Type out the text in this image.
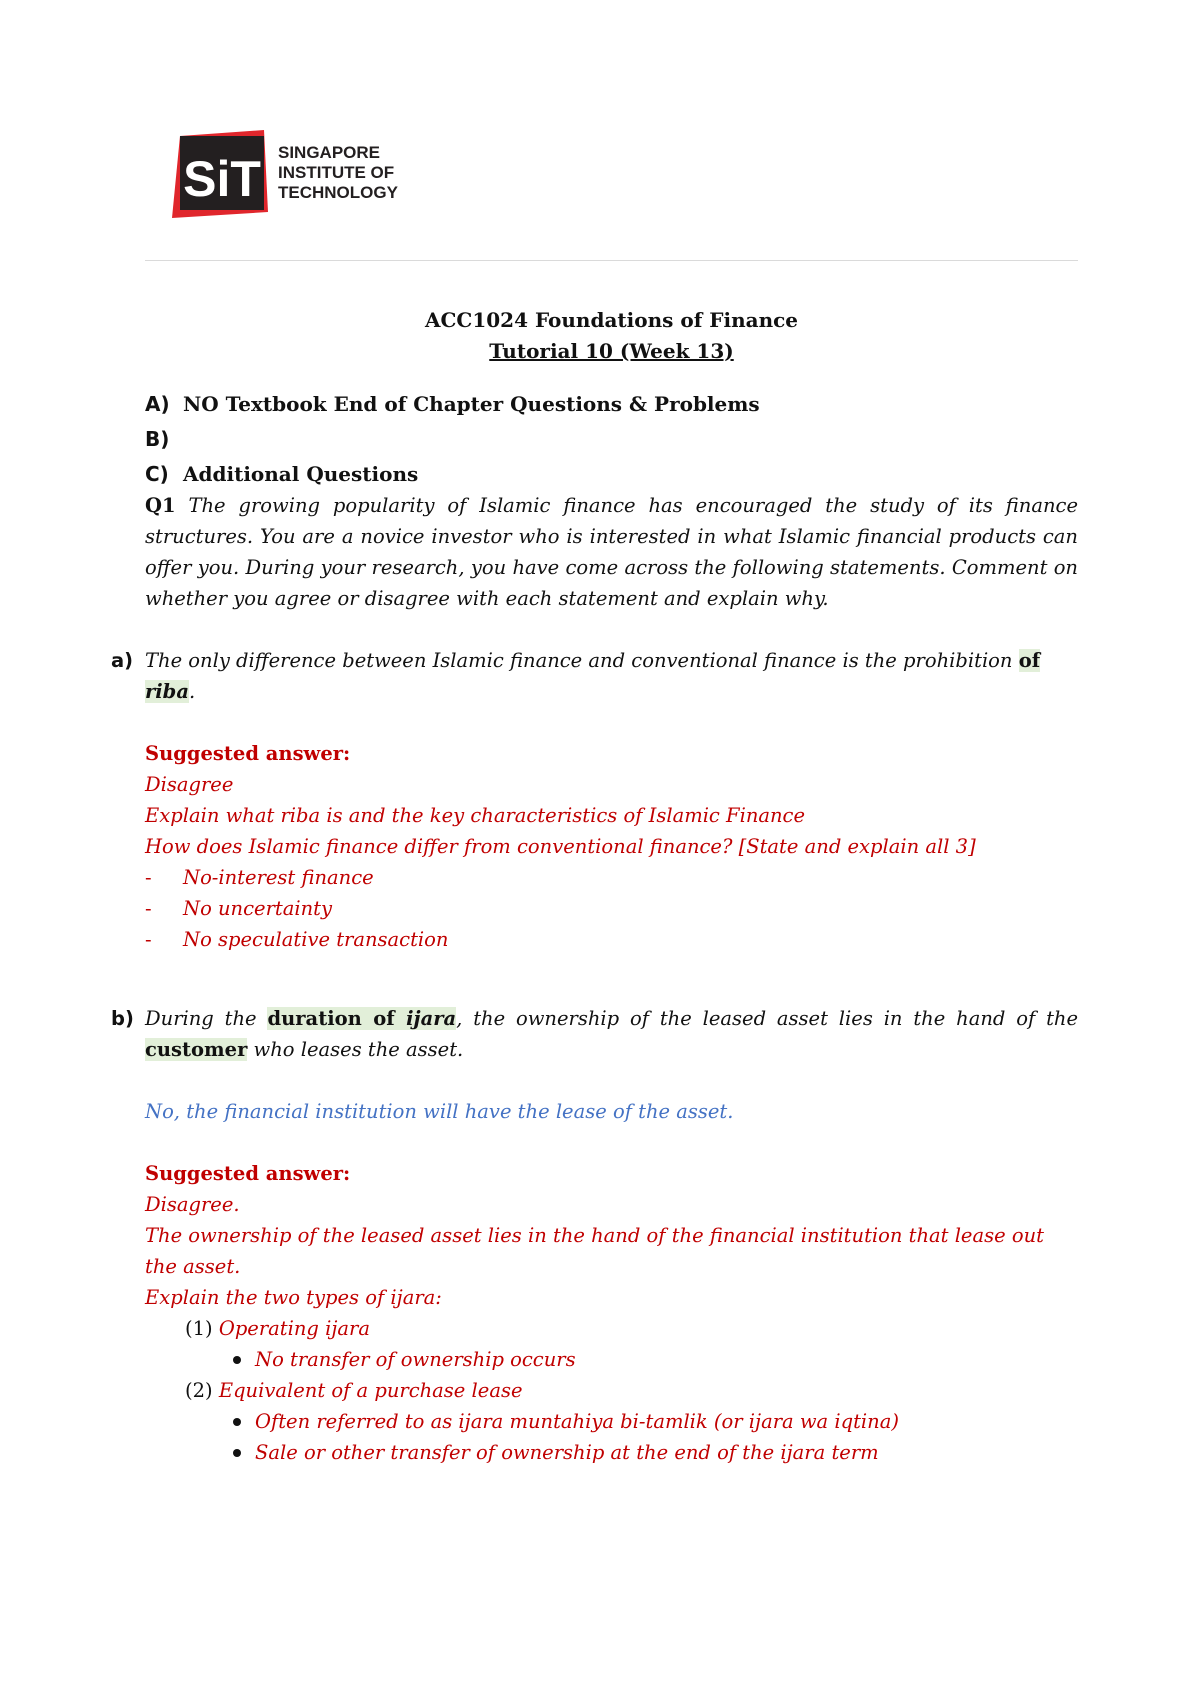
SiT SINGAPORE
INSTITUTE OF
TECHNOLOGY
ACC1024 Foundations of Finance
Tutorial 10 (Week 13)
A) NO Textbook End of Chapter Questions & Problems
B)
C) Additional Questions
Q1 The growing popularity of Islamic finance has encouraged the study of its finance structures. You are a novice investor who is interested in what Islamic financial products can offer you. During your research, you have come across the following statements. Comment on whether you agree or disagree with each statement and explain why.
a) The only difference between Islamic finance and conventional finance is the prohibition of
riba.
Suggested answer:
Disagree
Explain what riba is and the key characteristics of Islamic Finance
How does Islamic finance differ from conventional finance? [State and explain all 3]
- No-interest finance
- No uncertainty
- No speculative transaction
b) During the duration of ijara, the ownership of the leased asset lies in the hand of the customer who leases the asset.
No, the financial institution will have the lease of the asset.
Suggested answer:
Disagree.
The ownership of the leased asset lies in the hand of the financial institution that lease out the asset.
Explain the two types of ijara:
(1) Operating ijara
No transfer of ownership occurs
(2) Equivalent of a purchase lease
Often referred to as ijara muntahiya bi-tamlik (or ijara wa iqtina)
Sale or other transfer of ownership at the end of the ijara term
